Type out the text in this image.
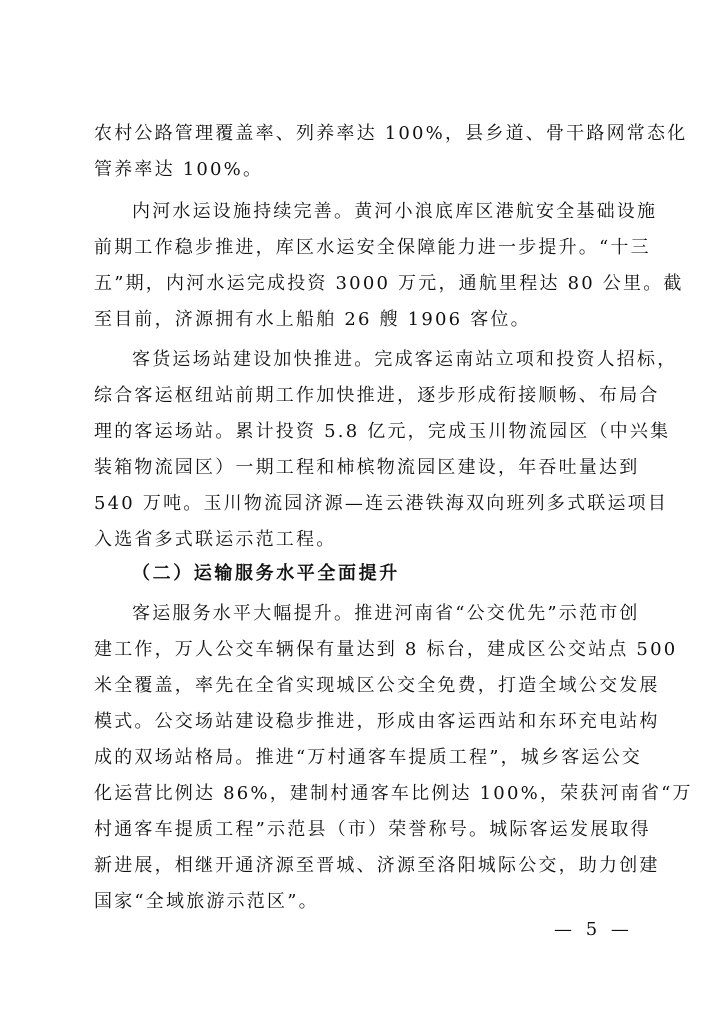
农村公路管理覆盖率、列养率达 100%，县乡道、骨干路网常态化
管养率达 100%。
内河水运设施持续完善。黄河小浪底库区港航安全基础设施
前期工作稳步推进，库区水运安全保障能力进一步提升。“十三
五”期，内河水运完成投资 3000 万元，通航里程达 80 公里。截
至目前，济源拥有水上船舶 26 艘 1906 客位。
客货运场站建设加快推进。完成客运南站立项和投资人招标，
综合客运枢纽站前期工作加快推进，逐步形成衔接顺畅、布局合
理的客运场站。累计投资 5.8 亿元，完成玉川物流园区（中兴集
装箱物流园区）一期工程和柿槟物流园区建设，年吞吐量达到
540 万吨。玉川物流园济源—连云港铁海双向班列多式联运项目
入选省多式联运示范工程。
（二）运输服务水平全面提升
客运服务水平大幅提升。推进河南省“公交优先”示范市创
建工作，万人公交车辆保有量达到 8 标台，建成区公交站点 500
米全覆盖，率先在全省实现城区公交全免费，打造全域公交发展
模式。公交场站建设稳步推进，形成由客运西站和东环充电站构
成的双场站格局。推进“万村通客车提质工程”，城乡客运公交
化运营比例达 86%，建制村通客车比例达 100%，荣获河南省“万
村通客车提质工程”示范县（市）荣誉称号。城际客运发展取得
新进展，相继开通济源至晋城、济源至洛阳城际公交，助力创建
国家“全域旅游示范区”。
— 5 —
